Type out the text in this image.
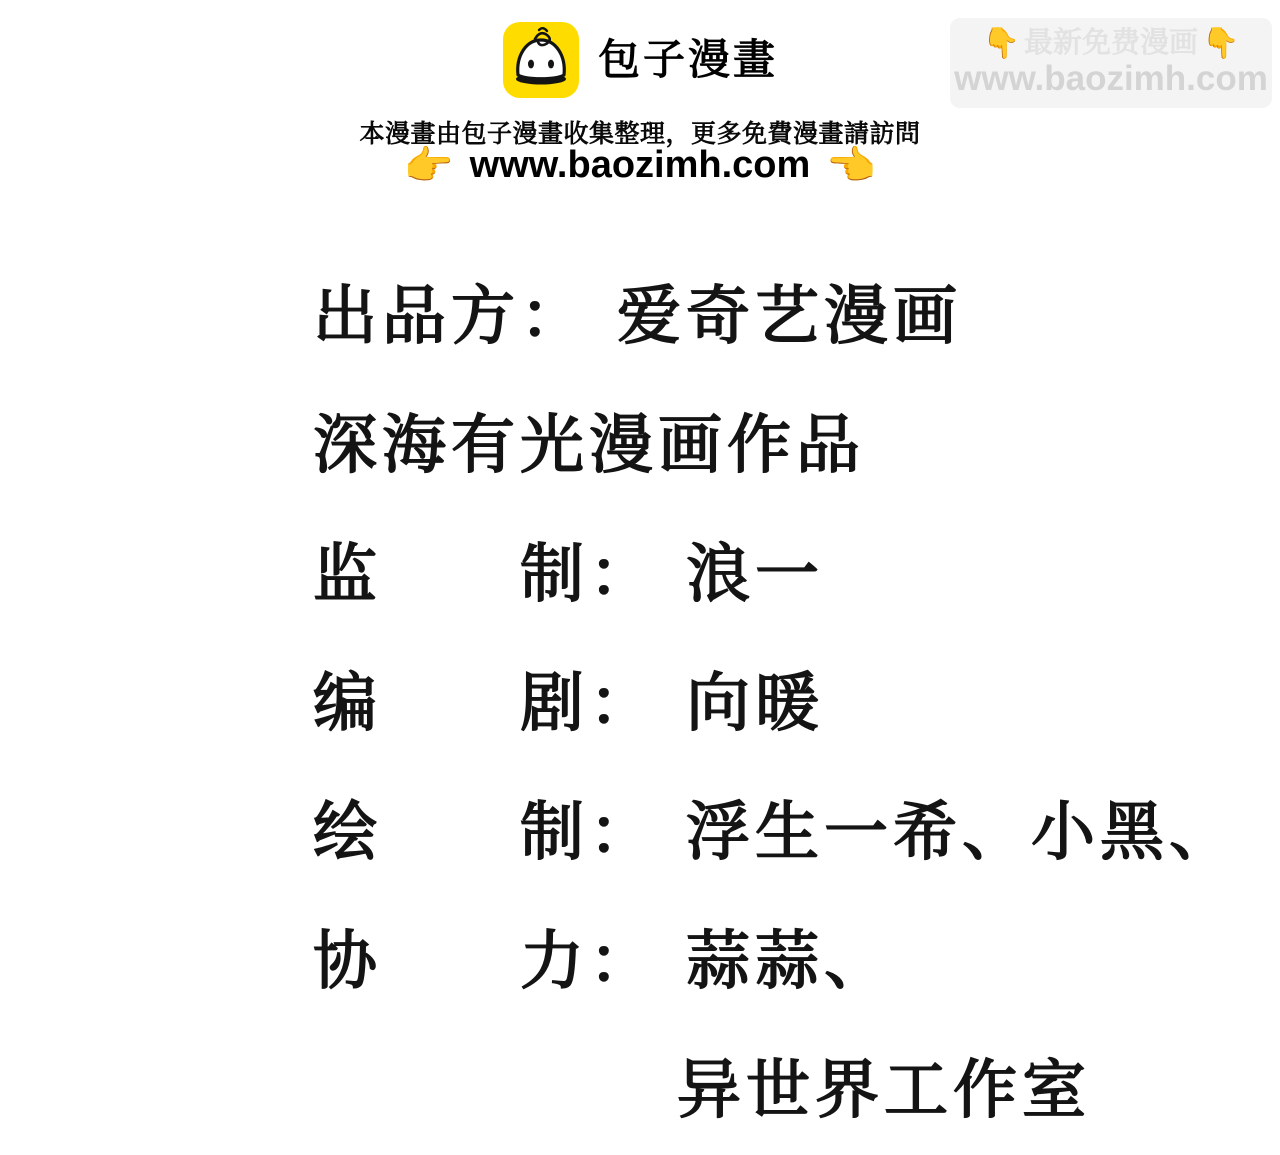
包子漫畫
本漫畫由包子漫畫收集整理，更多免費漫畫請訪問
👉 www.baozimh.com 👈
👇 最新免费漫画 👇
www.baozimh.com
出品方： 爱奇艺漫画
深海有光漫画作品
监　　制： 浪一
编　　剧： 向暖
绘　　制： 浮生一希、小黑、
协　　力： 蒜蒜、
异世界工作室
